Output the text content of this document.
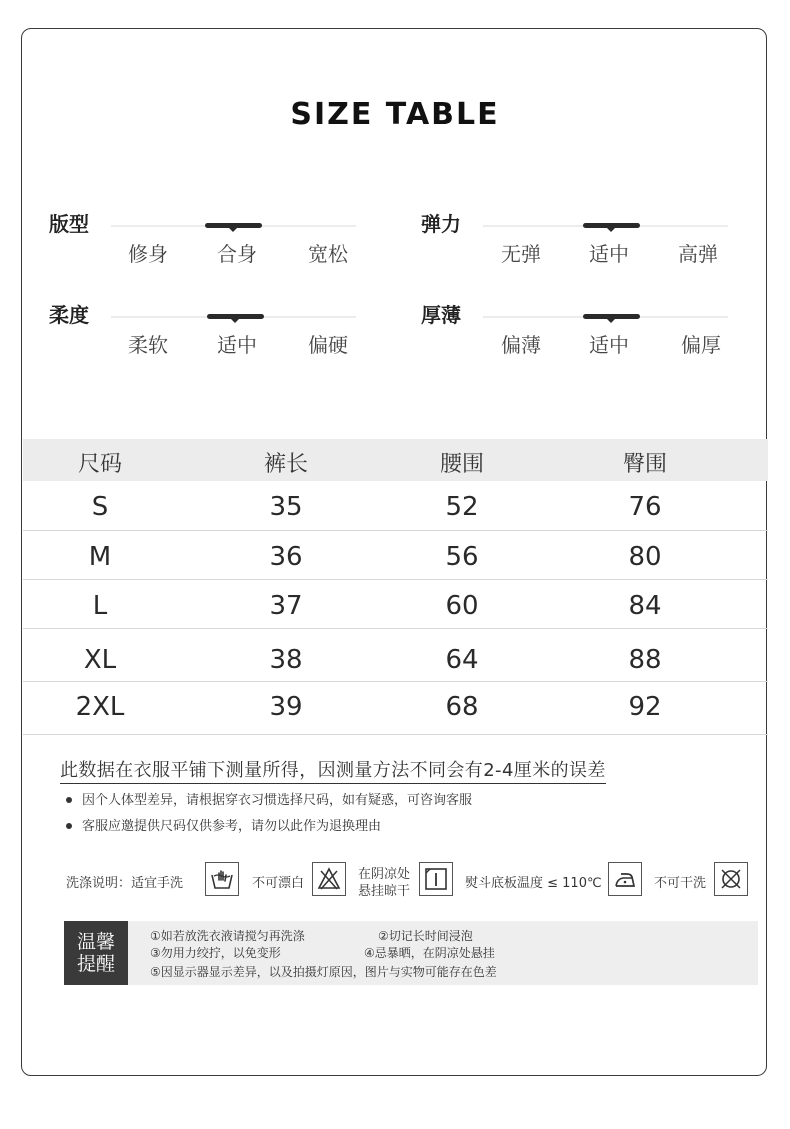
SIZE TABLE
版型
修身	合身	宽松
弹力
无弹	适中	高弹
柔度
柔软	适中	偏硬
厚薄
偏薄	适中	偏厚
尺码	裤长	腰围	臀围
S	35	52	76
M	36	56	80
L	37	60	84
XL	38	64	88
2XL	39	68	92
此数据在衣服平铺下测量所得，因测量方法不同会有2-4厘米的误差
因个人体型差异，请根据穿衣习惯选择尺码，如有疑惑，可咨询客服
客服应邀提供尺码仅供参考，请勿以此作为退换理由
洗涤说明：适宜手洗	不可漂白
在阴凉处
悬挂晾干
熨斗底板温度 ≤ 110℃	不可干洗
温馨
提醒
①如若放洗衣液请搅匀再洗涤	②切记长时间浸泡
③勿用力绞拧，以免变形	④忌暴晒，在阴凉处悬挂
⑤因显示器显示差异，以及拍摄灯原因，图片与实物可能存在色差
